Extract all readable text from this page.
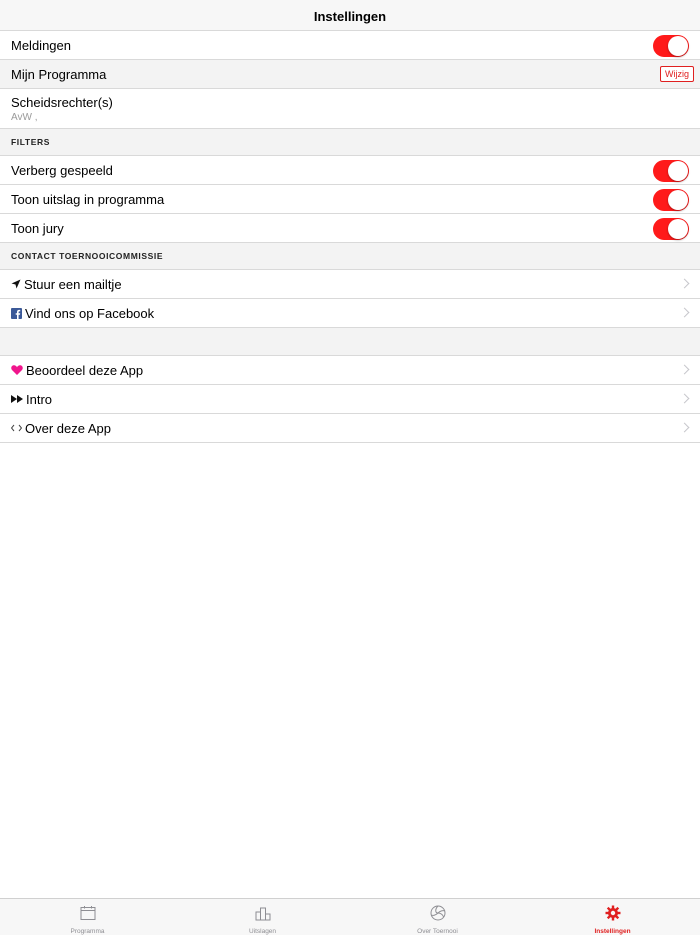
Instellingen
Meldingen
Mijn Programma	Wijzig
Scheidsrechter(s)
AvW ,
FILTERS
Verberg gespeeld
Toon uitslag in programma
Toon jury
CONTACT TOERNOOICOMMISSIE
Stuur een mailtje
Vind ons op Facebook
Beoordeel deze App
Intro
Over deze App
Programma	Uitslagen	Over Toernooi	Instellingen
